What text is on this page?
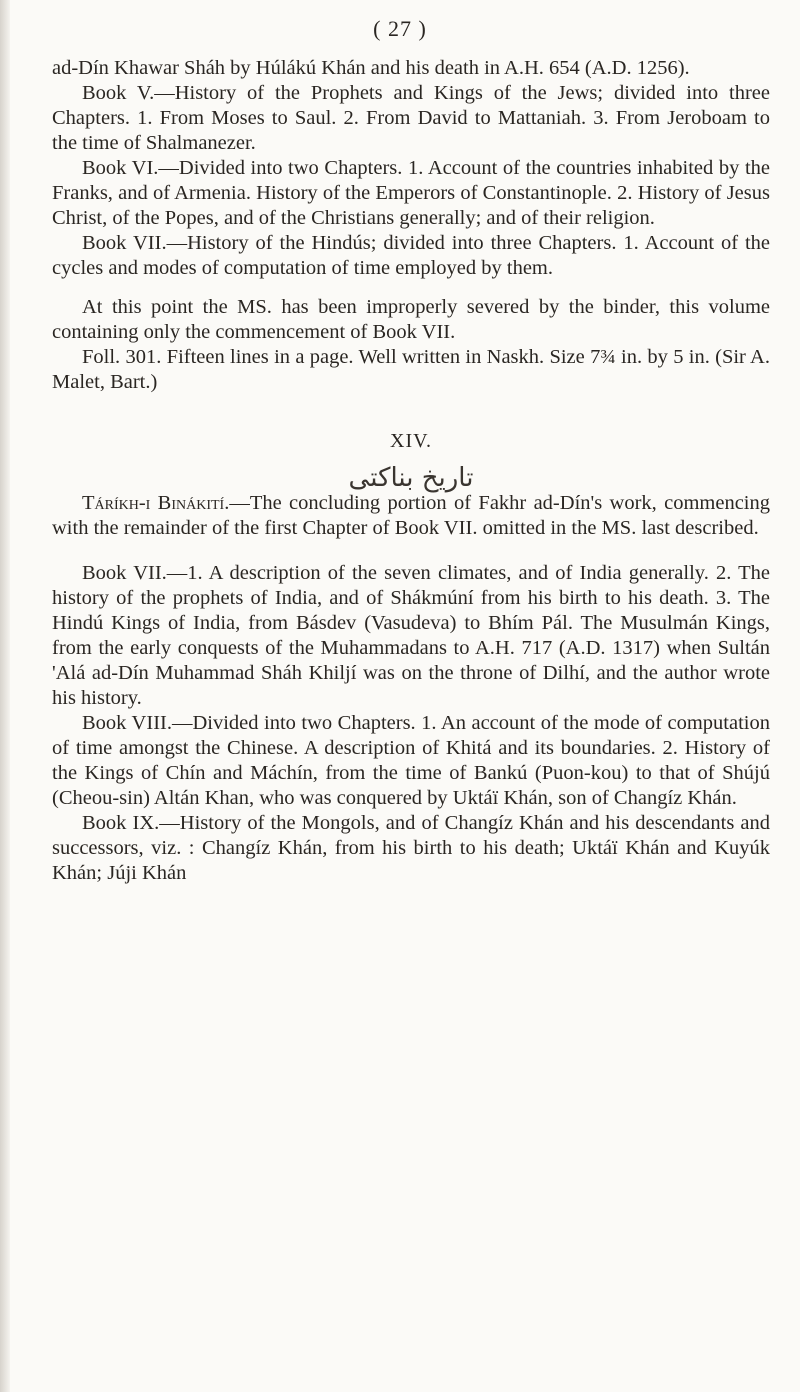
( 27 )

ad-Dín Khawar Sháh by Húlákú Khán and his death in A.H. 654 (A.D. 1256).

Book V.—History of the Prophets and Kings of the Jews; divided into three Chapters. 1. From Moses to Saul. 2. From David to Mattaniah. 3. From Jeroboam to the time of Shalmanezer.

Book VI.—Divided into two Chapters. 1. Account of the countries inhabited by the Franks, and of Armenia. History of the Emperors of Constantinople. 2. History of Jesus Christ, of the Popes, and of the Christians generally; and of their religion.

Book VII.—History of the Hindús; divided into three Chapters. 1. Account of the cycles and modes of computation of time employed by them.

At this point the MS. has been improperly severed by the binder, this volume containing only the commencement of Book VII.

Foll. 301. Fifteen lines in a page. Well written in Naskh. Size 7¾ in. by 5 in. (Sir A. Malet, Bart.)

XIV.
تاریخ بناکتی

Táríkh-i Binákití.—The concluding portion of Fakhr ad-Dín's work, commencing with the remainder of the first Chapter of Book VII. omitted in the MS. last described.

Book VII.—1. A description of the seven climates, and of India generally. 2. The history of the prophets of India, and of Shákmúní from his birth to his death. 3. The Hindú Kings of India, from Básdev (Vasudeva) to Bhím Pál. The Musulmán Kings, from the early conquests of the Muhammadans to A.H. 717 (A.D. 1317) when Sultán 'Alá ad-Dín Muhammad Sháh Khiljí was on the throne of Dilhí, and the author wrote his history.

Book VIII.—Divided into two Chapters. 1. An account of the mode of computation of time amongst the Chinese. A description of Khitá and its boundaries. 2. History of the Kings of Chín and Máchín, from the time of Bankú (Puon-kou) to that of Shújú (Cheou-sin) Altán Khan, who was conquered by Uktáï Khán, son of Changíz Khán.

Book IX.—History of the Mongols, and of Changíz Khán and his descendants and successors, viz. : Changíz Khán, from his birth to his death; Uktáï Khán and Kuyúk Khán; Júji Khán
